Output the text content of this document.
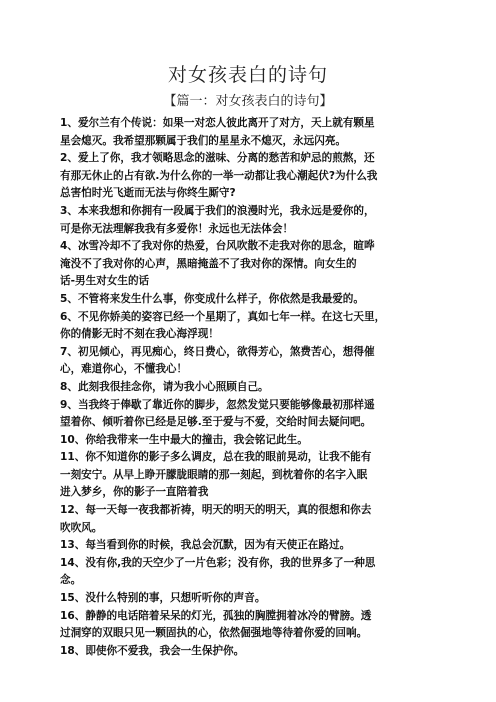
对女孩表白的诗句
【篇一：对女孩表白的诗句】
1、爱尔兰有个传说：如果一对恋人彼此离开了对方，天上就有颗星
星会熄灭。我希望那颗属于我们的星星永不熄灭，永远闪亮。
2、爱上了你，我才领略思念的滋味、分离的愁苦和妒忌的煎熬，还
有那无休止的占有欲.为什么你的一举一动都让我心潮起伏?为什么我
总害怕时光飞逝而无法与你终生厮守?
3、本来我想和你拥有一段属于我们的浪漫时光，我永远是爱你的，
可是你无法理解我我有多爱你！永远也无法体会！
4、冰雪冷却不了我对你的热爱，台风吹散不走我对你的思念，暄哗
淹没不了我对你的心声，黑暗掩盖不了我对你的深情。向女生的
话-男生对女生的话
5、不管将来发生什么事，你变成什么样子，你依然是我最爱的。
6、不见你娇美的姿容已经一个星期了，真如七年一样。在这七天里，
你的倩影无时不刻在我心海浮现！
7、初见倾心，再见痴心，终日费心，欲得芳心，煞费苦心，想得催
心，难道你心，不懂我心！
8、此刻我很挂念你，请为我小心照顾自己。
9、当我终于俸歇了靠近你的脚步，忽然发觉只要能够像最初那样遥
望着你、倾听着你已经是足够.至于爱与不爱，交给时间去疑问吧。
10、你给我带来一生中最大的撞击，我会铭记此生。
11、你不知道你的影子多么调皮，总在我的眼前晃动，让我不能有
一刻安宁。从早上睁开朦胧眼睛的那一刻起，到枕着你的名字入眠
进入梦乡，你的影子一直陪着我
12、每一天每一夜我都祈祷，明天的明天的明天，真的很想和你去
吹吹风。
13、每当看到你的时候，我总会沉默，因为有天使正在路过。
14、没有你,我的天空少了一片色彩；没有你，我的世界多了一种思
念。
15、没什么特别的事，只想听听你的声音。
16、静静的电话陪着呆呆的灯光，孤独的胸膛拥着冰冷的臂膀。透
过洞穿的双眼只见一颗固执的心，依然倔强地等待着你爱的回响。
18、即使你不爱我，我会一生保护你。
